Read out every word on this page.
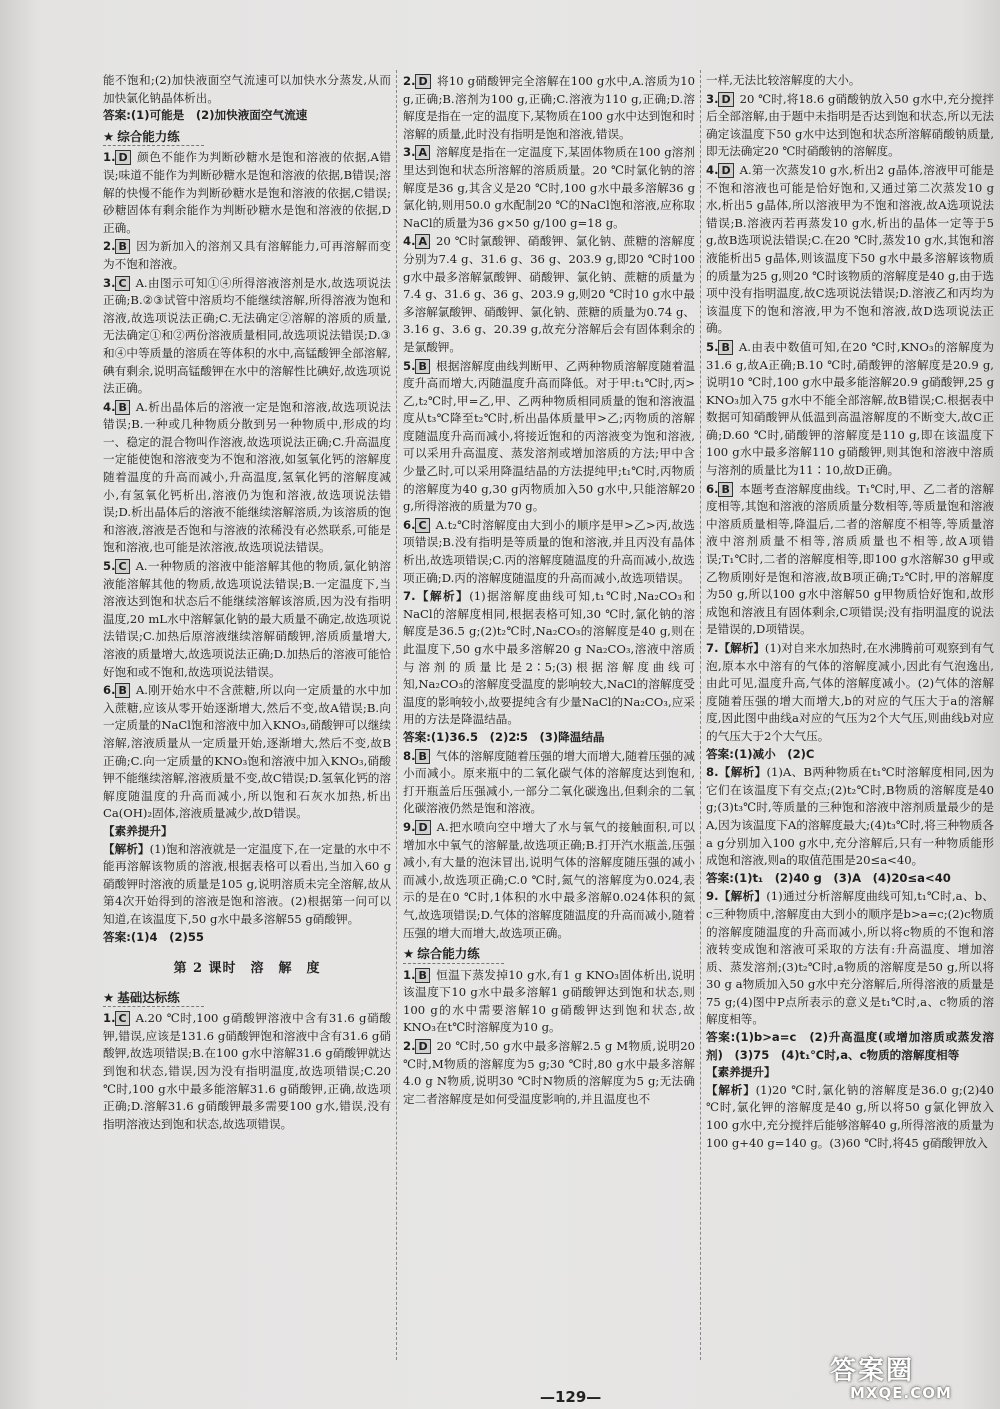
能不饱和;(2)加快液面空气流速可以加快水分蒸发,从而加快氯化钠晶体析出。

答案:(1)可能是　(2)加快液面空气流速

★ 综合能力练

1. D 颜色不能作为判断砂糖水是饱和溶液的依据,A错误;味道不能作为判断砂糖水是饱和溶液的依据,B错误;溶解的快慢不能作为判断砂糖水是饱和溶液的依据,C错误;砂糖固体有剩余能作为判断砂糖水是饱和溶液的依据,D正确。

2. B 因为新加入的溶剂又具有溶解能力,可再溶解而变为不饱和溶液。

3. C A.由图示可知①④所得溶液溶剂是水,故选项说法正确;B.②③试管中溶质均不能继续溶解,所得溶液为饱和溶液,故选项说法正确;C.无法确定②溶解的溶质的质量,无法确定①和②两份溶液质量相同,故选项说法错误;D.③和④中等质量的溶质在等体积的水中,高锰酸钾全部溶解,碘有剩余,说明高锰酸钾在水中的溶解性比碘好,故选项说法正确。

4. B A.析出晶体后的溶液一定是饱和溶液,故选项说法错误;B.一种或几种物质分散到另一种物质中,形成的均一、稳定的混合物叫作溶液,故选项说法正确;C.升高温度一定能使饱和溶液变为不饱和溶液,如氢氧化钙的溶解度随着温度的升高而减小,升高温度,氢氧化钙的溶解度减小,有氢氧化钙析出,溶液仍为饱和溶液,故选项说法错误;D.析出晶体后的溶液不能继续溶解溶质,为该溶质的饱和溶液,溶液是否饱和与溶液的浓稀没有必然联系,可能是饱和溶液,也可能是浓溶液,故选项说法错误。

5. C A.一种物质的溶液中能溶解其他的物质,氯化钠溶液能溶解其他的物质,故选项说法错误;B.一定温度下,当溶液达到饱和状态后不能继续溶解该溶质,因为没有指明温度,20 mL水中溶解氯化钠的最大质量不确定,故选项说法错误;C.加热后原溶液继续溶解硝酸钾,溶质质量增大,溶液的质量增大,故选项说法正确;D.加热后的溶液可能恰好饱和或不饱和,故选项说法错误。

6. B A.刚开始水中不含蔗糖,所以向一定质量的水中加入蔗糖,应该从零开始逐渐增大,然后不变,故A错误;B.向一定质量的NaCl饱和溶液中加入KNO₃,硝酸钾可以继续溶解,溶液质量从一定质量开始,逐渐增大,然后不变,故B正确;C.向一定质量的KNO₃饱和溶液中加入KNO₃,硝酸钾不能继续溶解,溶液质量不变,故C错误;D.氢氧化钙的溶解度随温度的升高而减小,所以饱和石灰水加热,析出Ca(OH)₂固体,溶液质量减少,故D错误。

【素养提升】

【解析】(1)饱和溶液就是一定温度下,在一定量的水中不能再溶解该物质的溶液,根据表格可以看出,当加入60 g硝酸钾时溶液的质量是105 g,说明溶质未完全溶解,故从第4次开始得到的溶液是饱和溶液。(2)根据第一问可以知道,在该温度下,50 g水中最多溶解55 g硝酸钾。

答案:(1)4　(2)55

第 2 课时　溶　解　度
★ 基础达标练

1. C A.20 ℃时,100 g硝酸钾溶液中含有31.6 g硝酸钾,错误,应该是131.6 g硝酸钾饱和溶液中含有31.6 g硝酸钾,故选项错误;B.在100 g水中溶解31.6 g硝酸钾就达到饱和状态,错误,因为没有指明温度,故选项错误;C.20 ℃时,100 g水中最多能溶解31.6 g硝酸钾,正确,故选项正确;D.溶解31.6 g硝酸钾最多需要100 g水,错误,没有指明溶液达到饱和状态,故选项错误。

2. D 将10 g硝酸钾完全溶解在100 g水中,A.溶质为10 g,正确;B.溶剂为100 g,正确;C.溶液为110 g,正确;D.溶解度是指在一定的温度下,某物质在100 g水中达到饱和时溶解的质量,此时没有指明是饱和溶液,错误。

3. A 溶解度是指在一定温度下,某固体物质在100 g溶剂里达到饱和状态所溶解的溶质质量。20 ℃时氯化钠的溶解度是36 g,其含义是20 ℃时,100 g水中最多溶解36 g氯化钠,则用50.0 g水配制20 ℃的NaCl饱和溶液,应称取NaCl的质量为36 g×50 g/100 g=18 g。

4. A 20 ℃时氯酸钾、硝酸钾、氯化钠、蔗糖的溶解度分别为7.4 g、31.6 g、36 g、203.9 g,即20 ℃时100 g水中最多溶解氯酸钾、硝酸钾、氯化钠、蔗糖的质量为7.4 g、31.6 g、36 g、203.9 g,则20 ℃时10 g水中最多溶解氯酸钾、硝酸钾、氯化钠、蔗糖的质量为0.74 g、3.16 g、3.6 g、20.39 g,故充分溶解后会有固体剩余的是氯酸钾。

5. B 根据溶解度曲线判断甲、乙两种物质溶解度随着温度升高而增大,丙随温度升高而降低。对于甲:t₁℃时,丙>乙,t₂℃时,甲=乙,甲、乙两种物质相同质量的饱和溶液温度从t₃℃降至t₂℃时,析出晶体质量甲>乙;丙物质的溶解度随温度升高而减小,将接近饱和的丙溶液变为饱和溶液,可以采用升高温度、蒸发溶剂或增加溶质的方法;甲中含少量乙时,可以采用降温结晶的方法提纯甲;t₁℃时,丙物质的溶解度为40 g,30 g丙物质加入50 g水中,只能溶解20 g,所得溶液的质量为70 g。

6. C A.t₂℃时溶解度由大到小的顺序是甲>乙>丙,故选项错误;B.没有指明是等质量的饱和溶液,并且丙没有晶体析出,故选项错误;C.丙的溶解度随温度的升高而减小,故选项正确;D.丙的溶解度随温度的升高而减小,故选项错误。

7.【解析】(1)据溶解度曲线可知,t₁℃时,Na₂CO₃和NaCl的溶解度相同,根据表格可知,30 ℃时,氯化钠的溶解度是36.5 g;(2)t₂℃时,Na₂CO₃的溶解度是40 g,则在此温度下,50 g水中最多溶解20 g Na₂CO₃,溶液中溶质与溶剂的质量比是2∶5;(3)根据溶解度曲线可知,Na₂CO₃的溶解度受温度的影响较大,NaCl的溶解度受温度的影响较小,故要提纯含有少量NaCl的Na₂CO₃,应采用的方法是降温结晶。

答案:(1)36.5　(2)2∶5　(3)降温结晶

8. B 气体的溶解度随着压强的增大而增大,随着压强的减小而减小。原来瓶中的二氧化碳气体的溶解度达到饱和,打开瓶盖后压强减小,一部分二氧化碳逸出,但剩余的二氧化碳溶液仍然是饱和溶液。

9. D A.把水喷向空中增大了水与氧气的接触面积,可以增加水中氧气的溶解量,故选项正确;B.打开汽水瓶盖,压强减小,有大量的泡沫冒出,说明气体的溶解度随压强的减小而减小,故选项正确;C.0 ℃时,氮气的溶解度为0.024,表示的是在0 ℃时,1体积的水中最多溶解0.024体积的氮气,故选项错误;D.气体的溶解度随温度的升高而减小,随着压强的增大而增大,故选项正确。

★ 综合能力练

1. B 恒温下蒸发掉10 g水,有1 g KNO₃固体析出,说明该温度下10 g水中最多溶解1 g硝酸钾达到饱和状态,则100 g的水中需要溶解10 g硝酸钾达到饱和状态,故KNO₃在t℃时溶解度为10 g。

2. D 20 ℃时,50 g水中最多溶解2.5 g M物质,说明20 ℃时,M物质的溶解度为5 g;30 ℃时,80 g水中最多溶解4.0 g N物质,说明30 ℃时N物质的溶解度为5 g;无法确定二者溶解度是如何受温度影响的,并且温度也不

一样,无法比较溶解度的大小。

3. D 20 ℃时,将18.6 g硝酸钠放入50 g水中,充分搅拌后全部溶解,由于题中未指明是否达到饱和状态,所以无法确定该温度下50 g水中达到饱和状态所溶解硝酸钠质量,即无法确定20 ℃时硝酸钠的溶解度。

4. D A.第一次蒸发10 g水,析出2 g晶体,溶液甲可能是不饱和溶液也可能是恰好饱和,又通过第二次蒸发10 g水,析出5 g晶体,所以溶液甲为不饱和溶液,故A选项说法错误;B.溶液丙若再蒸发10 g水,析出的晶体一定等于5 g,故B选项说法错误;C.在20 ℃时,蒸发10 g水,其饱和溶液能析出5 g晶体,则该温度下50 g水中最多溶解该物质的质量为25 g,则20 ℃时该物质的溶解度是40 g,由于选项中没有指明温度,故C选项说法错误;D.溶液乙和丙均为该温度下的饱和溶液,甲为不饱和溶液,故D选项说法正确。

5. B A.由表中数值可知,在20 ℃时,KNO₃的溶解度为31.6 g,故A正确;B.10 ℃时,硝酸钾的溶解度是20.9 g,说明10 ℃时,100 g水中最多能溶解20.9 g硝酸钾,25 g KNO₃加入75 g水中不能全部溶解,故B错误;C.根据表中数据可知硝酸钾从低温到高温溶解度的不断变大,故C正确;D.60 ℃时,硝酸钾的溶解度是110 g,即在该温度下100 g水中最多溶解110 g硝酸钾,则其饱和溶液中溶质与溶剂的质量比为11∶10,故D正确。

6. B 本题考查溶解度曲线。T₁℃时,甲、乙二者的溶解度相等,其饱和溶液的溶质质量分数相等,等质量饱和溶液中溶质质量相等,降温后,二者的溶解度不相等,等质量溶液中溶剂质量不相等,溶质质量也不相等,故A项错误;T₁℃时,二者的溶解度相等,即100 g水溶解30 g甲或乙物质刚好是饱和溶液,故B项正确;T₂℃时,甲的溶解度为50 g,所以100 g水中溶解50 g甲物质恰好饱和,故形成饱和溶液且有固体剩余,C项错误;没有指明温度的说法是错误的,D项错误。

7.【解析】(1)对自来水加热时,在水沸腾前可观察到有气泡,原本水中溶有的气体的溶解度减小,因此有气泡逸出,由此可见,温度升高,气体的溶解度减小。(2)气体的溶解度随着压强的增大而增大,b的对应的气压大于a的溶解度,因此图中曲线a对应的气压为2个大气压,则曲线b对应的气压大于2个大气压。

答案:(1)减小　(2)C

8.【解析】(1)A、B两种物质在t₁℃时溶解度相同,因为它们在该温度下有交点;(2)t₂℃时,B物质的溶解度是40 g;(3)t₃℃时,等质量的三种饱和溶液中溶剂质量最少的是A,因为该温度下A的溶解度最大;(4)t₃℃时,将三种物质各a g分别加入100 g水中,充分溶解后,只有一种物质能形成饱和溶液,则a的取值范围是20≤a<40。

答案:(1)t₁　(2)40 g　(3)A　(4)20≤a<40

9.【解析】(1)通过分析溶解度曲线可知,t₁℃时,a、b、c三种物质中,溶解度由大到小的顺序是b>a=c;(2)c物质的溶解度随温度的升高而减小,所以将c物质的不饱和溶液转变成饱和溶液可采取的方法有:升高温度、增加溶质、蒸发溶剂;(3)t₂℃时,a物质的溶解度是50 g,所以将30 g a物质加入50 g水中充分溶解后,所得溶液的质量是75 g;(4)图中P点所表示的意义是t₁℃时,a、c物质的溶解度相等。

答案:(1)b>a=c　(2)升高温度(或增加溶质或蒸发溶剂)　(3)75　(4)t₁℃时,a、c物质的溶解度相等

【素养提升】

【解析】(1)20 ℃时,氯化钠的溶解度是36.0 g;(2)40 ℃时,氯化钾的溶解度是40 g,所以将50 g氯化钾放入100 g水中,充分搅拌后能够溶解40 g,所得溶液的质量为100 g+40 g=140 g。(3)60 ℃时,将45 g硝酸钾放入

—129—
答案圈
MXQE.COM
